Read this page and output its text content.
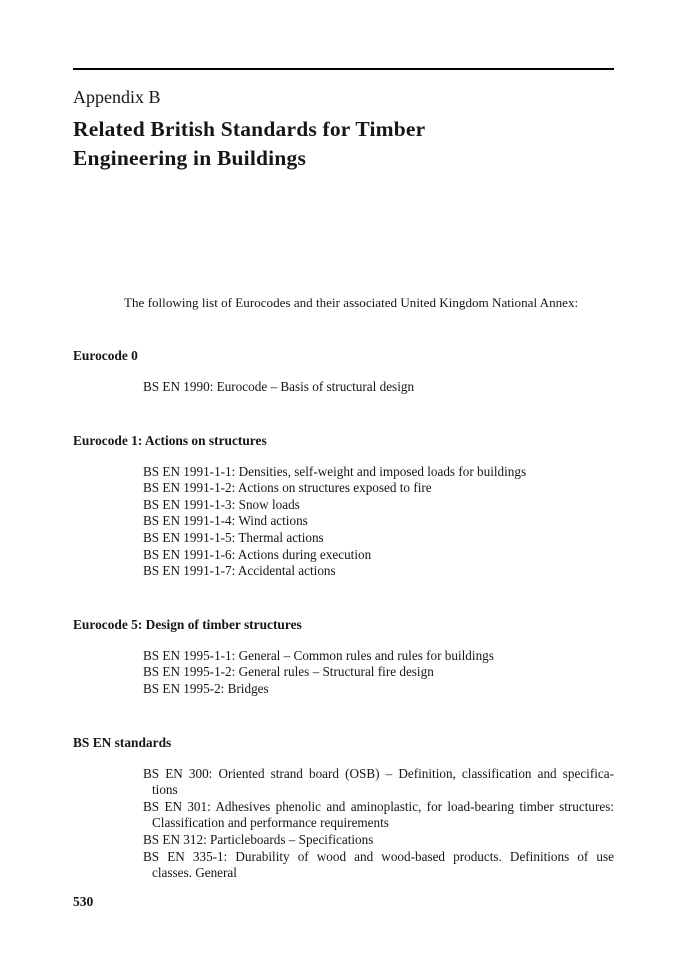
Appendix B
Related British Standards for Timber
Engineering in Buildings
The following list of Eurocodes and their associated United Kingdom National Annex:
Eurocode 0
BS EN 1990: Eurocode – Basis of structural design
Eurocode 1: Actions on structures
BS EN 1991-1-1: Densities, self-weight and imposed loads for buildings
BS EN 1991-1-2: Actions on structures exposed to fire
BS EN 1991-1-3: Snow loads
BS EN 1991-1-4: Wind actions
BS EN 1991-1-5: Thermal actions
BS EN 1991-1-6: Actions during execution
BS EN 1991-1-7: Accidental actions
Eurocode 5: Design of timber structures
BS EN 1995-1-1: General – Common rules and rules for buildings
BS EN 1995-1-2: General rules – Structural fire design
BS EN 1995-2: Bridges
BS EN standards
BS EN 300: Oriented strand board (OSB) – Definition, classification and specifica-
tions
BS EN 301: Adhesives phenolic and aminoplastic, for load-bearing timber structures:
Classification and performance requirements
BS EN 312: Particleboards – Specifications
BS EN 335-1: Durability of wood and wood-based products. Definitions of use
classes. General
530
